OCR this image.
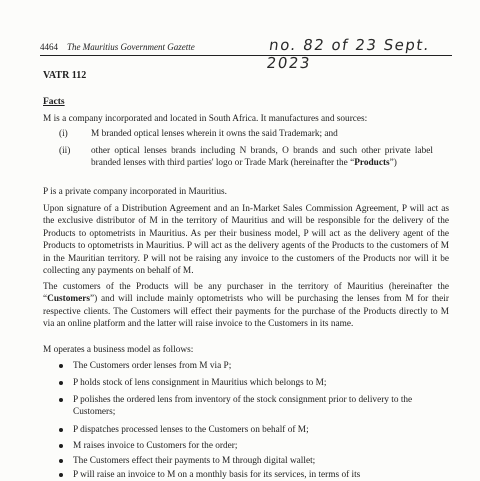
4464 The Mauritius Government Gazette	no. 82 of 23 Sept. 2023
VATR 112
Facts
M is a company incorporated and located in South Africa. It manufactures and sources:
(i) M branded optical lenses wherein it owns the said Trademark; and
(ii) other optical lenses brands including N brands, O brands and such other private label branded lenses with third parties' logo or Trade Mark (hereinafter the “Products”)
P is a private company incorporated in Mauritius.
Upon signature of a Distribution Agreement and an In-Market Sales Commission Agreement, P will act as the exclusive distributor of M in the territory of Mauritius and will be responsible for the delivery of the Products to optometrists in Mauritius. As per their business model, P will act as the delivery agent of the Products to optometrists in Mauritius. P will act as the delivery agents of the Products to the customers of M in the Mauritian territory. P will not be raising any invoice to the customers of the Products nor will it be collecting any payments on behalf of M.
The customers of the Products will be any purchaser in the territory of Mauritius (hereinafter the “Customers”) and will include mainly optometrists who will be purchasing the lenses from M for their respective clients. The Customers will effect their payments for the purchase of the Products directly to M via an online platform and the latter will raise invoice to the Customers in its name.
M operates a business model as follows:
The Customers order lenses from M via P;
P holds stock of lens consignment in Mauritius which belongs to M;
P polishes the ordered lens from inventory of the stock consignment prior to delivery to the Customers;
P dispatches processed lenses to the Customers on behalf of M;
M raises invoice to Customers for the order;
The Customers effect their payments to M through digital wallet;
P will raise an invoice to M on a monthly basis for its services, in terms of its
